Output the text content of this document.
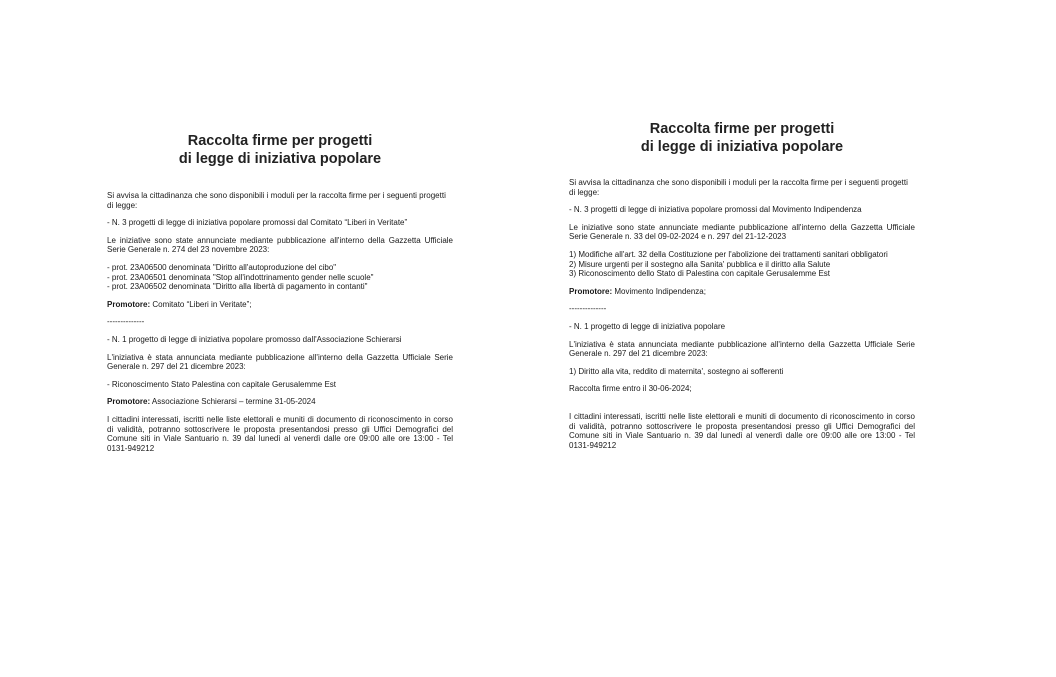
Raccolta firme per progetti
di legge di iniziativa popolare

Si avvisa la cittadinanza che sono disponibili i moduli per la raccolta firme per i seguenti progetti di legge:

- N. 3 progetti di legge di iniziativa popolare promossi dal Comitato “Liberi in Veritate”

Le iniziative sono state annunciate mediante pubblicazione all'interno della Gazzetta Ufficiale Serie Generale n. 274 del 23 novembre 2023:

- prot. 23A06500 denominata "Diritto all'autoproduzione del cibo"
- prot. 23A06501 denominata "Stop all'indottrinamento gender nelle scuole"
- prot. 23A06502 denominata "Diritto alla libertà di pagamento in contanti"

Promotore: Comitato “Liberi in Veritate”;

--------------

- N. 1 progetto di legge di iniziativa popolare promosso dall'Associazione Schierarsi

L'iniziativa è stata annunciata mediante pubblicazione all'interno della Gazzetta Ufficiale Serie Generale n. 297 del 21 dicembre 2023:

- Riconoscimento Stato Palestina con capitale Gerusalemme Est

Promotore: Associazione Schierarsi – termine 31-05-2024

I cittadini interessati, iscritti nelle liste elettorali e muniti di documento di riconoscimento in corso di validità, potranno sottoscrivere le proposta presentandosi presso gli Uffici Demografici del Comune siti in Viale Santuario n. 39 dal lunedì al venerdì dalle ore 09:00 alle ore 13:00 - Tel 0131-949212

Raccolta firme per progetti
di legge di iniziativa popolare

Si avvisa la cittadinanza che sono disponibili i moduli per la raccolta firme per i seguenti progetti di legge:

- N. 3 progetti di legge di iniziativa popolare promossi dal Movimento Indipendenza

Le iniziative sono state annunciate mediante pubblicazione all'interno della Gazzetta Ufficiale Serie Generale n. 33 del 09-02-2024 e n. 297 del 21-12-2023

1) Modifiche all'art. 32 della Costituzione per l'abolizione dei trattamenti sanitari obbligatori
2) Misure urgenti per il sostegno alla Sanita' pubblica e il diritto alla Salute
3) Riconoscimento dello Stato di Palestina con capitale Gerusalemme Est

Promotore: Movimento Indipendenza;

--------------

- N. 1 progetto di legge di iniziativa popolare

L'iniziativa è stata annunciata mediante pubblicazione all'interno della Gazzetta Ufficiale Serie Generale n. 297 del 21 dicembre 2023:

1) Diritto alla vita, reddito di maternita', sostegno ai sofferenti

Raccolta firme entro il 30-06-2024;

I cittadini interessati, iscritti nelle liste elettorali e muniti di documento di riconoscimento in corso di validità, potranno sottoscrivere le proposta presentandosi presso gli Uffici Demografici del Comune siti in Viale Santuario n. 39 dal lunedì al venerdì dalle ore 09:00 alle ore 13:00 - Tel 0131-949212
